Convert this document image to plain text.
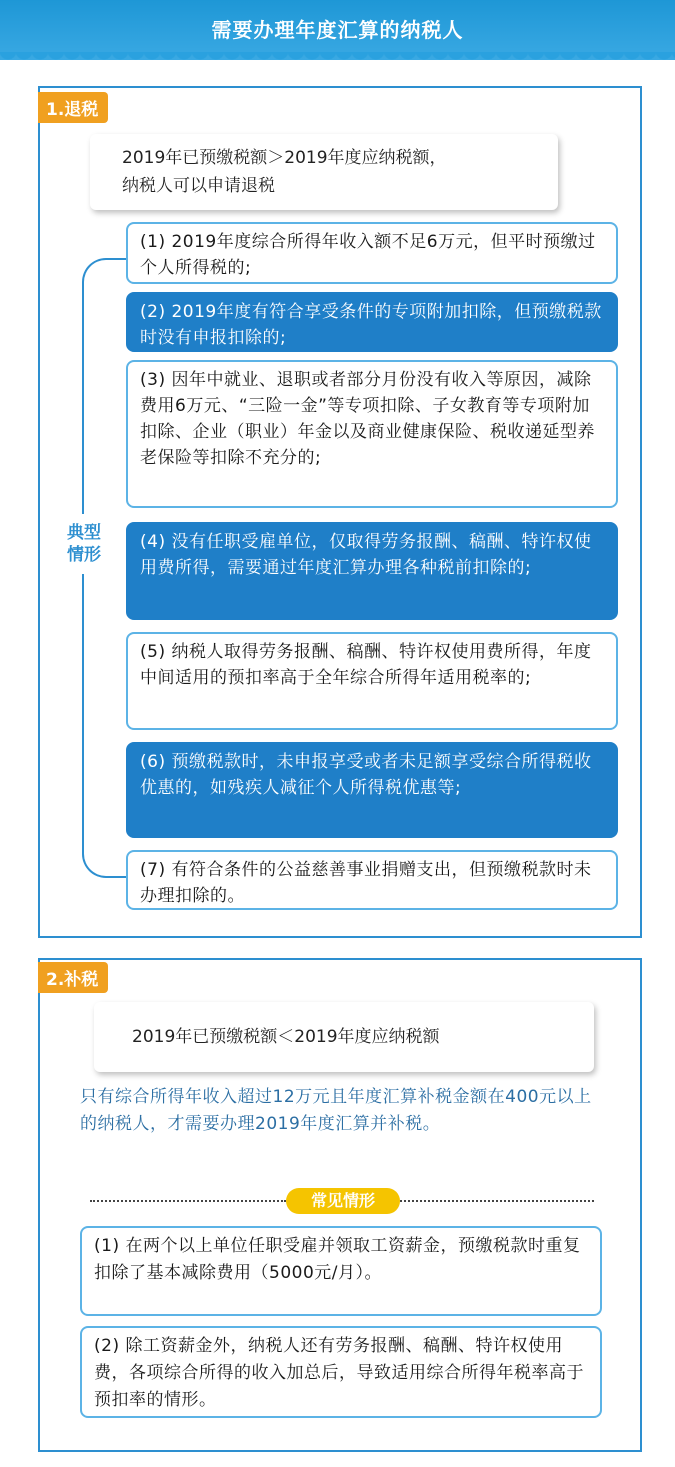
需要办理年度汇算的纳税人
1.退税
2019年已预缴税额＞2019年度应纳税额，
纳税人可以申请退税
典型情形
(1) 2019年度综合所得年收入额不足6万元，但平时预缴过个人所得税的;
(2) 2019年度有符合享受条件的专项附加扣除，但预缴税款时没有申报扣除的;
(3) 因年中就业、退职或者部分月份没有收入等原因，减除费用6万元、“三险一金”等专项扣除、子女教育等专项附加扣除、企业（职业）年金以及商业健康保险、税收递延型养老保险等扣除不充分的;
(4) 没有任职受雇单位，仅取得劳务报酬、稿酬、特许权使用费所得，需要通过年度汇算办理各种税前扣除的;
(5) 纳税人取得劳务报酬、稿酬、特许权使用费所得，年度中间适用的预扣率高于全年综合所得年适用税率的;
(6) 预缴税款时，未申报享受或者未足额享受综合所得税收优惠的，如残疾人减征个人所得税优惠等;
(7) 有符合条件的公益慈善事业捐赠支出，但预缴税款时未办理扣除的。
2.补税
2019年已预缴税额＜2019年度应纳税额
只有综合所得年收入超过12万元且年度汇算补税金额在400元以上的纳税人，才需要办理2019年度汇算并补税。
常见情形
(1) 在两个以上单位任职受雇并领取工资薪金，预缴税款时重复扣除了基本减除费用（5000元/月）。
(2) 除工资薪金外，纳税人还有劳务报酬、稿酬、特许权使用费，各项综合所得的收入加总后，导致适用综合所得年税率高于预扣率的情形。
